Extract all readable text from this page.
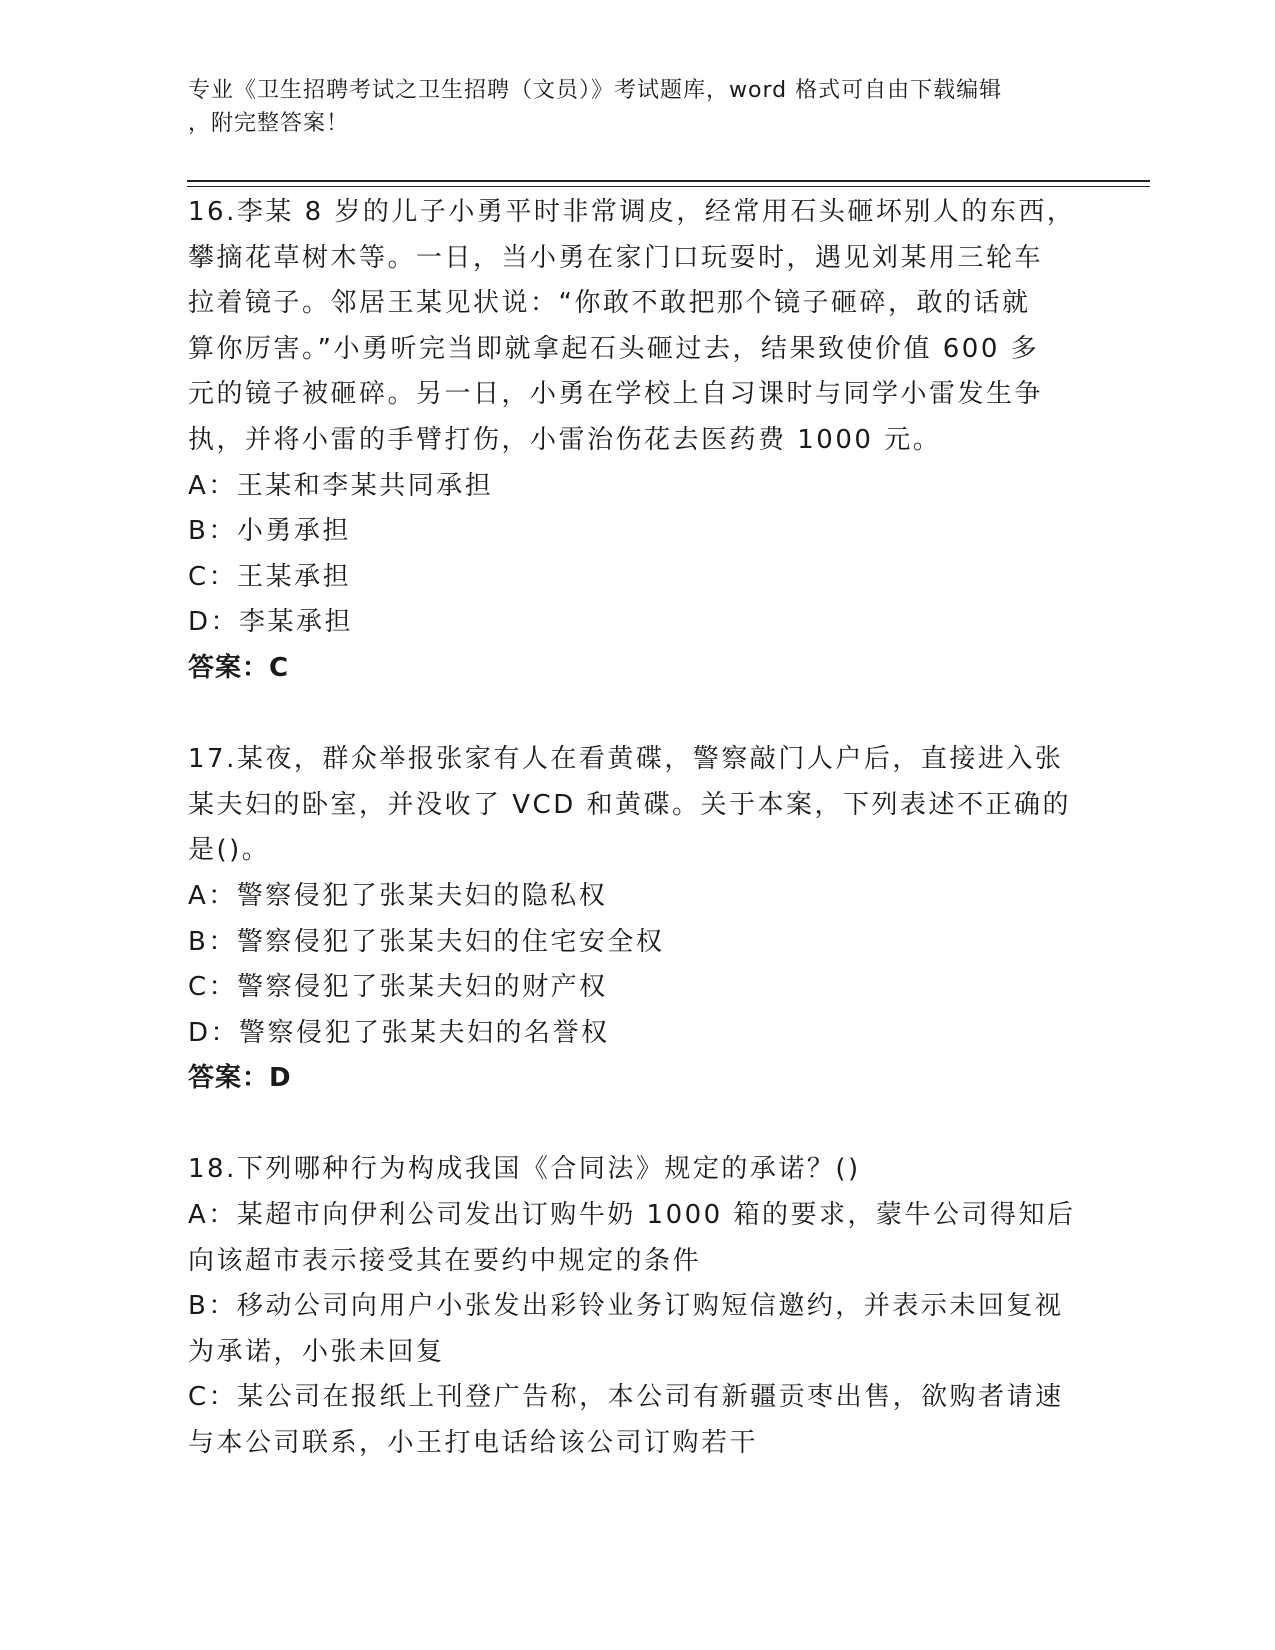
专业《卫生招聘考试之卫生招聘（文员）》考试题库，word 格式可自由下载编辑
，附完整答案！
16.李某 8 岁的儿子小勇平时非常调皮，经常用石头砸坏别人的东西，
攀摘花草树木等。一日，当小勇在家门口玩耍时，遇见刘某用三轮车
拉着镜子。邻居王某见状说：“你敢不敢把那个镜子砸碎，敢的话就
算你厉害。”小勇听完当即就拿起石头砸过去，结果致使价值 600 多
元的镜子被砸碎。另一日，小勇在学校上自习课时与同学小雷发生争
执，并将小雷的手臂打伤，小雷治伤花去医药费 1000 元。
A：王某和李某共同承担
B：小勇承担
C：王某承担
D：李某承担
答案：C
17.某夜，群众举报张家有人在看黄碟，警察敲门人户后，直接进入张
某夫妇的卧室，并没收了 VCD 和黄碟。关于本案，下列表述不正确的
是()。
A：警察侵犯了张某夫妇的隐私权
B：警察侵犯了张某夫妇的住宅安全权
C：警察侵犯了张某夫妇的财产权
D：警察侵犯了张某夫妇的名誉权
答案：D
18.下列哪种行为构成我国《合同法》规定的承诺？()
A：某超市向伊利公司发出订购牛奶 1000 箱的要求，蒙牛公司得知后
向该超市表示接受其在要约中规定的条件
B：移动公司向用户小张发出彩铃业务订购短信邀约，并表示未回复视
为承诺，小张未回复
C：某公司在报纸上刊登广告称，本公司有新疆贡枣出售，欲购者请速
与本公司联系，小王打电话给该公司订购若干
